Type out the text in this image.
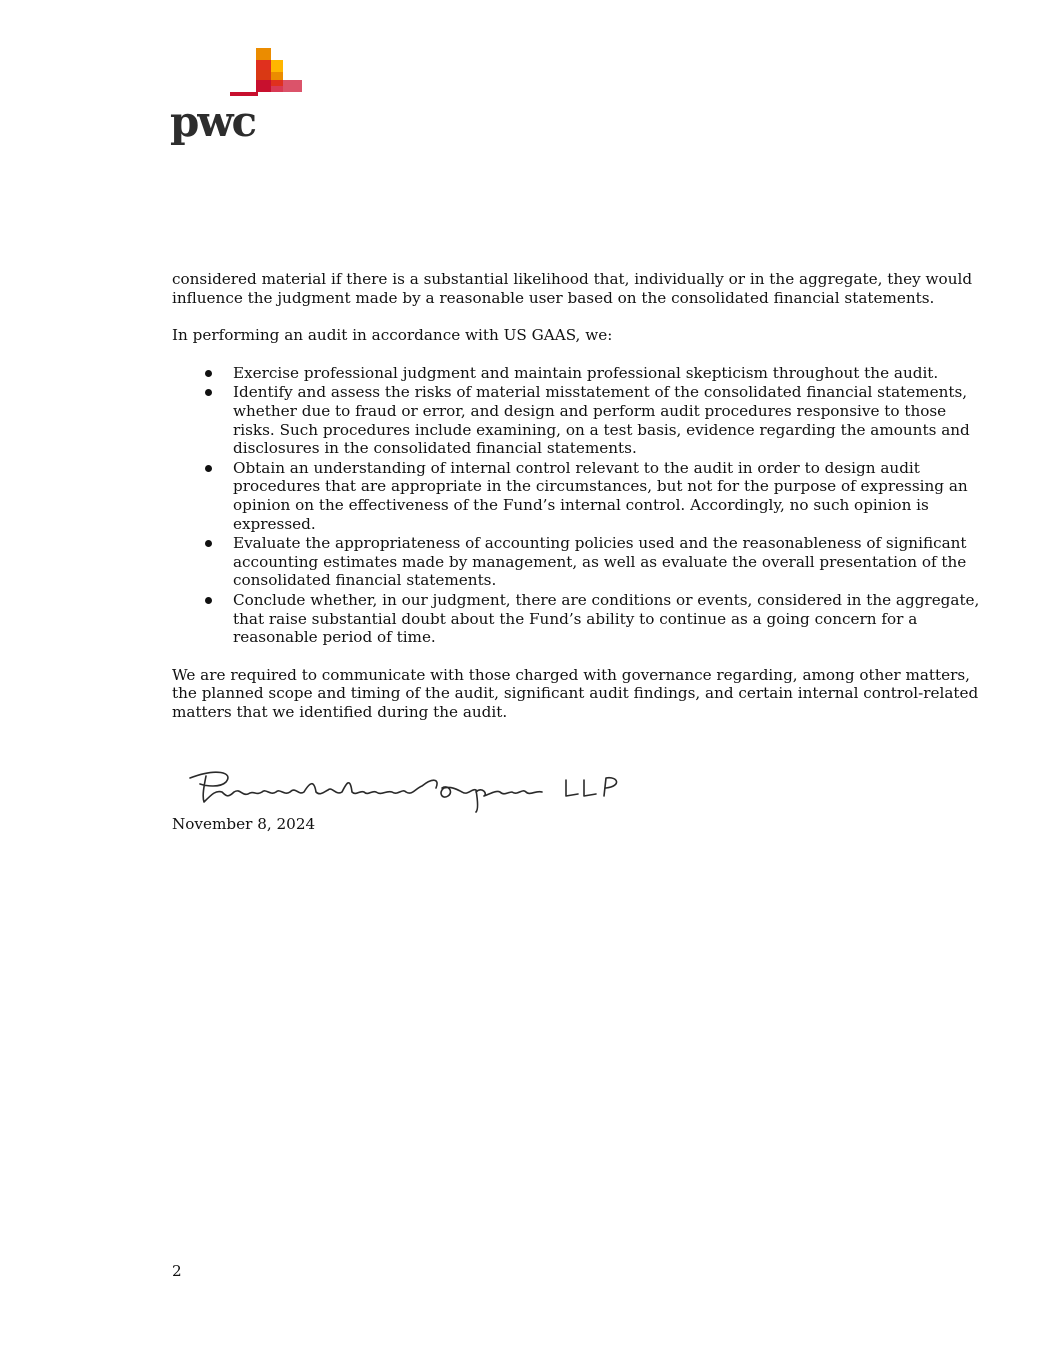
pwc

considered material if there is a substantial likelihood that, individually or in the aggregate, they would influence the judgment made by a reasonable user based on the consolidated financial statements.

In performing an audit in accordance with US GAAS, we:

Exercise professional judgment and maintain professional skepticism throughout the audit.
Identify and assess the risks of material misstatement of the consolidated financial statements, whether due to fraud or error, and design and perform audit procedures responsive to those risks. Such procedures include examining, on a test basis, evidence regarding the amounts and disclosures in the consolidated financial statements.
Obtain an understanding of internal control relevant to the audit in order to design audit procedures that are appropriate in the circumstances, but not for the purpose of expressing an opinion on the effectiveness of the Fund’s internal control. Accordingly, no such opinion is expressed.
Evaluate the appropriateness of accounting policies used and the reasonableness of significant accounting estimates made by management, as well as evaluate the overall presentation of the consolidated financial statements.
Conclude whether, in our judgment, there are conditions or events, considered in the aggregate, that raise substantial doubt about the Fund’s ability to continue as a going concern for a reasonable period of time.

We are required to communicate with those charged with governance regarding, among other matters, the planned scope and timing of the audit, significant audit findings, and certain internal control-related matters that we identified during the audit.

November 8, 2024
2
